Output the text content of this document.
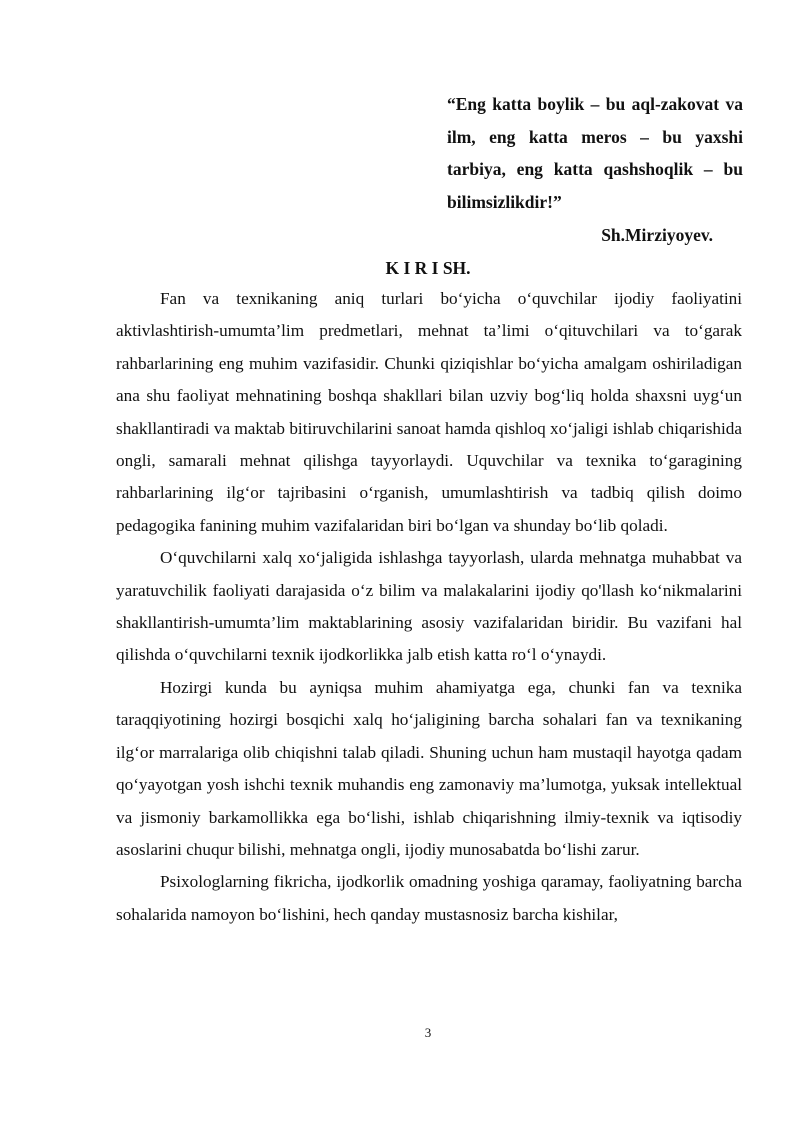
“Eng katta boylik – bu aql-zakovat va ilm, eng katta meros – bu yaxshi tarbiya, eng katta qashshoqlik – bu bilimsizlikdir!”
Sh.Mirziyoyev.
K I R I SH.

Fan va texnikaning aniq turlari bo‘yicha o‘quvchilar ijodiy faoliyatini aktivlashtirish-umumta’lim predmetlari, mehnat ta’limi o‘qituvchilari va to‘garak rahbarlarining eng muhim vazifasidir. Chunki qiziqishlar bo‘yicha amalgam oshiriladigan ana shu faoliyat mehnatining boshqa shakllari bilan uzviy bog‘liq holda shaxsni uyg‘un shakllantiradi va maktab bitiruvchilarini sanoat hamda qishloq xo‘jaligi ishlab chiqarishida ongli, samarali mehnat qilishga tayyorlaydi. Uquvchilar va texnika to‘garagining rahbarlarining ilg‘or tajribasini o‘rganish, umumlashtirish va tadbiq qilish doimo pedagogika fanining muhim vazifalaridan biri bo‘lgan va shunday bo‘lib qoladi.

O‘quvchilarni xalq xo‘jaligida ishlashga tayyorlash, ularda mehnatga muhabbat va yaratuvchilik faoliyati darajasida o‘z bilim va malakalarini ijodiy qo'llash ko‘nikmalarini shakllantirish-umumta’lim maktablarining asosiy vazifalaridan biridir. Bu vazifani hal qilishda o‘quvchilarni texnik ijodkorlikka jalb etish katta ro‘l o‘ynaydi.

Hozirgi kunda bu ayniqsa muhim ahamiyatga ega, chunki fan va texnika taraqqiyotining hozirgi bosqichi xalq ho‘jaligining barcha sohalari fan va texnikaning ilg‘or marralariga olib chiqishni talab qiladi. Shuning uchun ham mustaqil hayotga qadam qo‘yayotgan yosh ishchi texnik muhandis eng zamonaviy ma’lumotga, yuksak intellektual va jismoniy barkamollikka ega bo‘lishi, ishlab chiqarishning ilmiy-texnik va iqtisodiy asoslarini chuqur bilishi, mehnatga ongli, ijodiy munosabatda bo‘lishi zarur.

Psixologlarning fikricha, ijodkorlik omadning yoshiga qaramay, faoliyatning barcha sohalarida namoyon bo‘lishini, hech qanday mustasnosiz barcha kishilar,

3
